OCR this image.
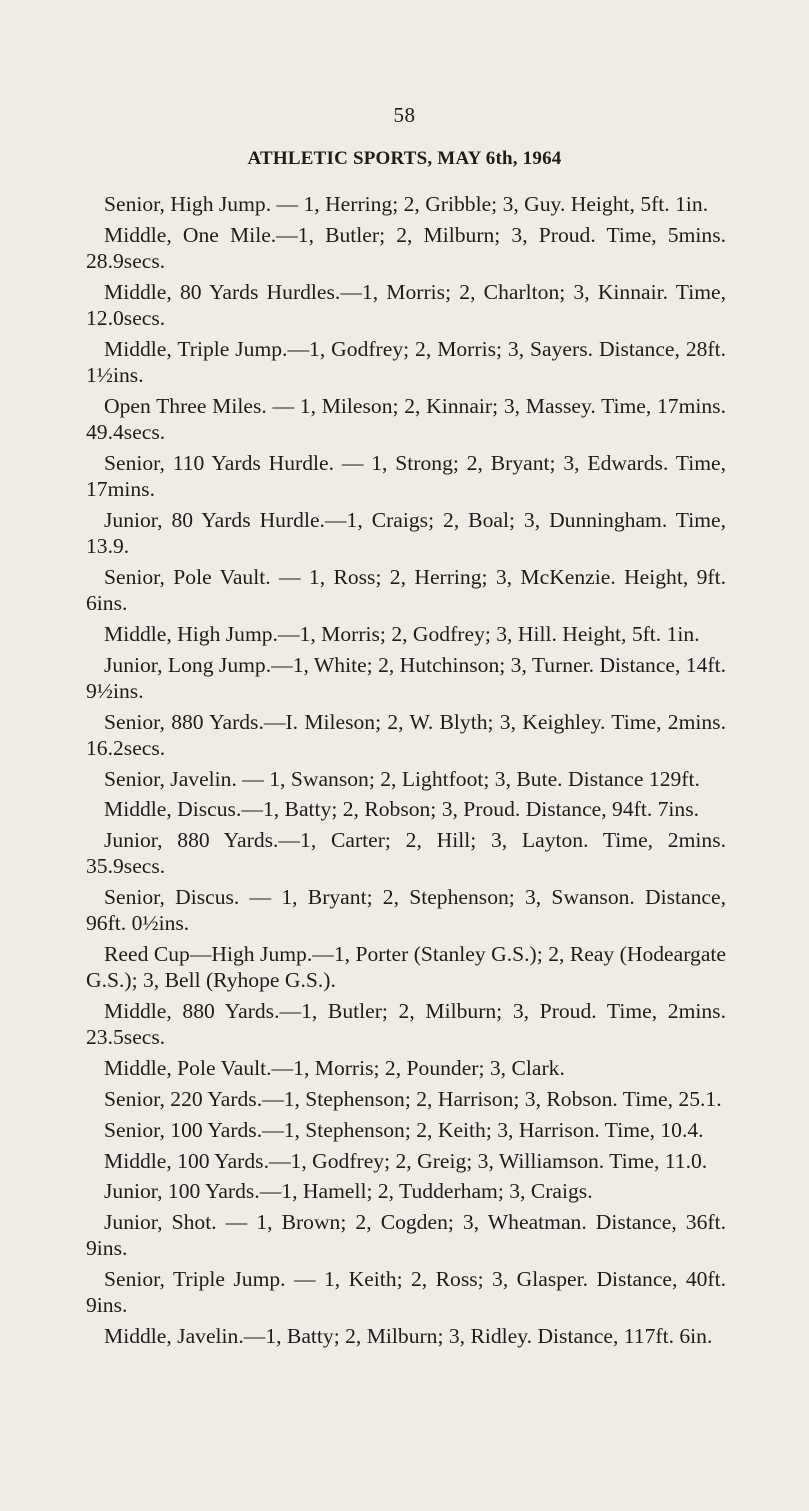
58
ATHLETIC SPORTS, MAY 6th, 1964

Senior, High Jump. — 1, Herring; 2, Gribble; 3, Guy. Height, 5ft. 1in.

Middle, One Mile.—1, Butler; 2, Milburn; 3, Proud. Time, 5mins. 28.9secs.

Middle, 80 Yards Hurdles.—1, Morris; 2, Charlton; 3, Kinnair. Time, 12.0secs.

Middle, Triple Jump.—1, Godfrey; 2, Morris; 3, Sayers. Distance, 28ft. 1½ins.

Open Three Miles. — 1, Mileson; 2, Kinnair; 3, Massey. Time, 17mins. 49.4secs.

Senior, 110 Yards Hurdle. — 1, Strong; 2, Bryant; 3, Edwards. Time, 17mins.

Junior, 80 Yards Hurdle.—1, Craigs; 2, Boal; 3, Dunningham. Time, 13.9.

Senior, Pole Vault. — 1, Ross; 2, Herring; 3, McKenzie. Height, 9ft. 6ins.

Middle, High Jump.—1, Morris; 2, Godfrey; 3, Hill. Height, 5ft. 1in.

Junior, Long Jump.—1, White; 2, Hutchinson; 3, Turner. Distance, 14ft. 9½ins.

Senior, 880 Yards.—I. Mileson; 2, W. Blyth; 3, Keighley. Time, 2mins. 16.2secs.

Senior, Javelin. — 1, Swanson; 2, Lightfoot; 3, Bute. Distance 129ft.

Middle, Discus.—1, Batty; 2, Robson; 3, Proud. Distance, 94ft. 7ins.

Junior, 880 Yards.—1, Carter; 2, Hill; 3, Layton. Time, 2mins. 35.9secs.

Senior, Discus. — 1, Bryant; 2, Stephenson; 3, Swanson. Distance, 96ft. 0½ins.

Reed Cup—High Jump.—1, Porter (Stanley G.S.); 2, Reay (Hodeargate G.S.); 3, Bell (Ryhope G.S.).

Middle, 880 Yards.—1, Butler; 2, Milburn; 3, Proud. Time, 2mins. 23.5secs.

Middle, Pole Vault.—1, Morris; 2, Pounder; 3, Clark.

Senior, 220 Yards.—1, Stephenson; 2, Harrison; 3, Robson. Time, 25.1.

Senior, 100 Yards.—1, Stephenson; 2, Keith; 3, Harrison. Time, 10.4.

Middle, 100 Yards.—1, Godfrey; 2, Greig; 3, Williamson. Time, 11.0.

Junior, 100 Yards.—1, Hamell; 2, Tudderham; 3, Craigs.

Junior, Shot. — 1, Brown; 2, Cogden; 3, Wheatman. Distance, 36ft. 9ins.

Senior, Triple Jump. — 1, Keith; 2, Ross; 3, Glasper. Distance, 40ft. 9ins.

Middle, Javelin.—1, Batty; 2, Milburn; 3, Ridley. Distance, 117ft. 6in.
